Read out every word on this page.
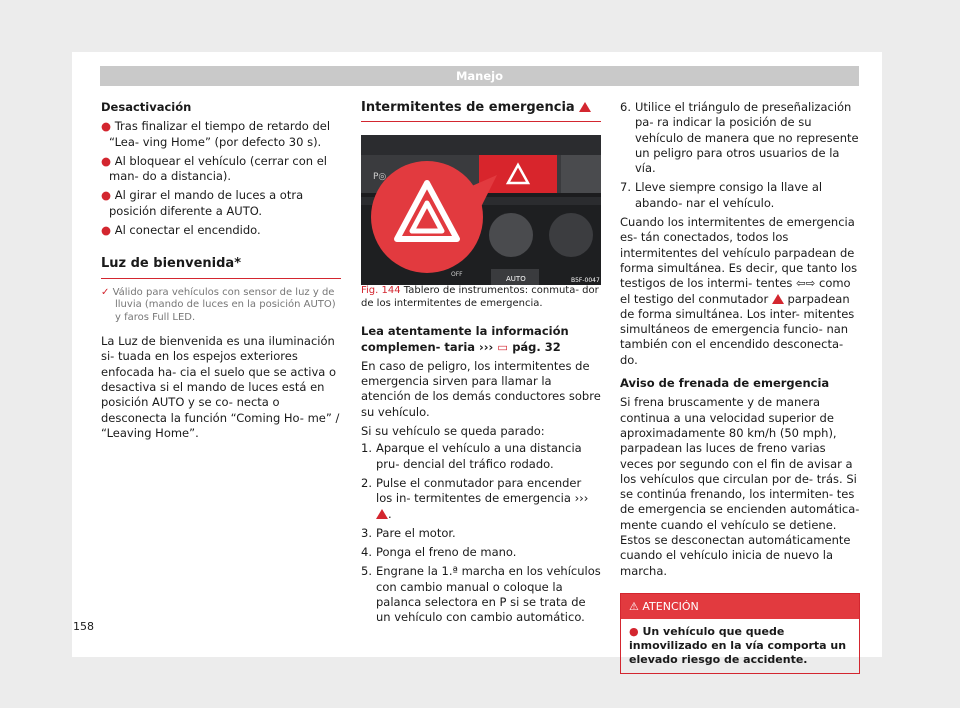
Manejo

Desactivación

● Tras finalizar el tiempo de retardo del “Lea- ving Home” (por defecto 30 s).

● Al bloquear el vehículo (cerrar con el man- do a distancia).

● Al girar el mando de luces a otra posición diferente a AUTO.

● Al conectar el encendido.

Luz de bienvenida*

✓ Válido para vehículos con sensor de luz y de lluvia (mando de luces en la posición AUTO) y faros Full LED.

La Luz de bienvenida es una iluminación si- tuada en los espejos exteriores enfocada ha- cia el suelo que se activa o desactiva si el mando de luces está en posición AUTO y se co- necta o desconecta la función “Coming Ho- me” / “Leaving Home”.

Intermitentes de emergencia

P◎
AUTO
OFF
B5F-0047

Fig. 144 Tablero de instrumentos: conmuta- dor de los intermitentes de emergencia.

Lea atentamente la información complemen- taria ››› ▭ pág. 32

En caso de peligro, los intermitentes de emergencia sirven para llamar la atención de los demás conductores sobre su vehículo.

Si su vehículo se queda parado:

1. Aparque el vehículo a una distancia pru- dencial del tráfico rodado.
2. Pulse el conmutador para encender los in- termitentes de emergencia ››› .
3. Pare el motor.
4. Ponga el freno de mano.
5. Engrane la 1.ª marcha en los vehículos con cambio manual o coloque la palanca selectora en P si se trata de un vehículo con cambio automático.
6. Utilice el triángulo de preseñalización pa- ra indicar la posición de su vehículo de manera que no represente un peligro para otros usuarios de la vía.
7. Lleve siempre consigo la llave al abando- nar el vehículo.

Cuando los intermitentes de emergencia es- tán conectados, todos los intermitentes del vehículo parpadean de forma simultánea. Es decir, que tanto los testigos de los intermi- tentes ⇦⇨ como el testigo del conmutador parpadean de forma simultánea. Los inter- mitentes simultáneos de emergencia funcio- nan también con el encendido desconecta- do.

Aviso de frenada de emergencia

Si frena bruscamente y de manera continua a una velocidad superior de aproximadamente 80 km/h (50 mph), parpadean las luces de freno varias veces por segundo con el fin de avisar a los vehículos que circulan por de- trás. Si se continúa frenando, los intermiten- tes de emergencia se encienden automática- mente cuando el vehículo se detiene. Estos se desconectan automáticamente cuando el vehículo inicia de nuevo la marcha.

⚠ ATENCIÓN
● Un vehículo que quede inmovilizado en la vía comporta un elevado riesgo de accidente.
158
